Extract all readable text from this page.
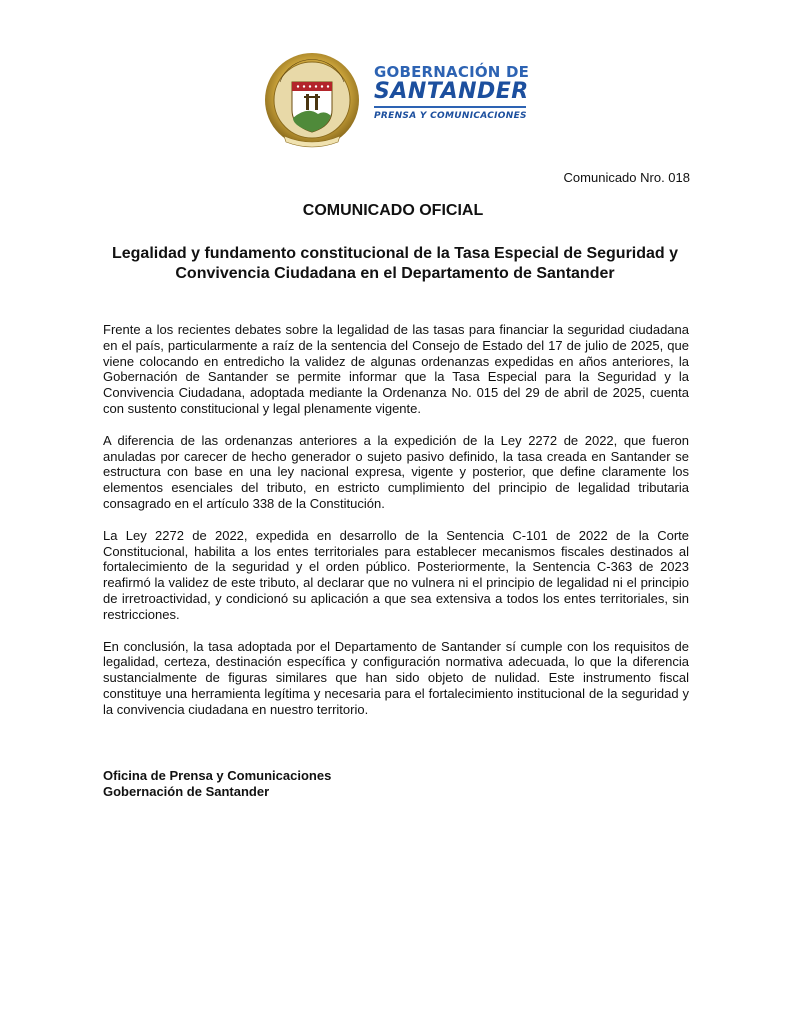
GOBERNACIÓN DE
SANTANDER
PRENSA Y COMUNICACIONES
Comunicado Nro. 018
COMUNICADO OFICIAL
Legalidad y fundamento constitucional de la Tasa Especial de Seguridad y Convivencia Ciudadana en el Departamento de Santander

Frente a los recientes debates sobre la legalidad de las tasas para financiar la seguridad ciudadana en el país, particularmente a raíz de la sentencia del Consejo de Estado del 17 de julio de 2025, que viene colocando en entredicho la validez de algunas ordenanzas expedidas en años anteriores, la Gobernación de Santander se permite informar que la Tasa Especial para la Seguridad y la Convivencia Ciudadana, adoptada mediante la Ordenanza No. 015 del 29 de abril de 2025, cuenta con sustento constitucional y legal plenamente vigente.

A diferencia de las ordenanzas anteriores a la expedición de la Ley 2272 de 2022, que fueron anuladas por carecer de hecho generador o sujeto pasivo definido, la tasa creada en Santander se estructura con base en una ley nacional expresa, vigente y posterior, que define claramente los elementos esenciales del tributo, en estricto cumplimiento del principio de legalidad tributaria consagrado en el artículo 338 de la Constitución.

La Ley 2272 de 2022, expedida en desarrollo de la Sentencia C-101 de 2022 de la Corte Constitucional, habilita a los entes territoriales para establecer mecanismos fiscales destinados al fortalecimiento de la seguridad y el orden público. Posteriormente, la Sentencia C-363 de 2023 reafirmó la validez de este tributo, al declarar que no vulnera ni el principio de legalidad ni el principio de irretroactividad, y condicionó su aplicación a que sea extensiva a todos los entes territoriales, sin restricciones.

En conclusión, la tasa adoptada por el Departamento de Santander sí cumple con los requisitos de legalidad, certeza, destinación específica y configuración normativa adecuada, lo que la diferencia sustancialmente de figuras similares que han sido objeto de nulidad. Este instrumento fiscal constituye una herramienta legítima y necesaria para el fortalecimiento institucional de la seguridad y la convivencia ciudadana en nuestro territorio.

Oficina de Prensa y Comunicaciones
Gobernación de Santander
